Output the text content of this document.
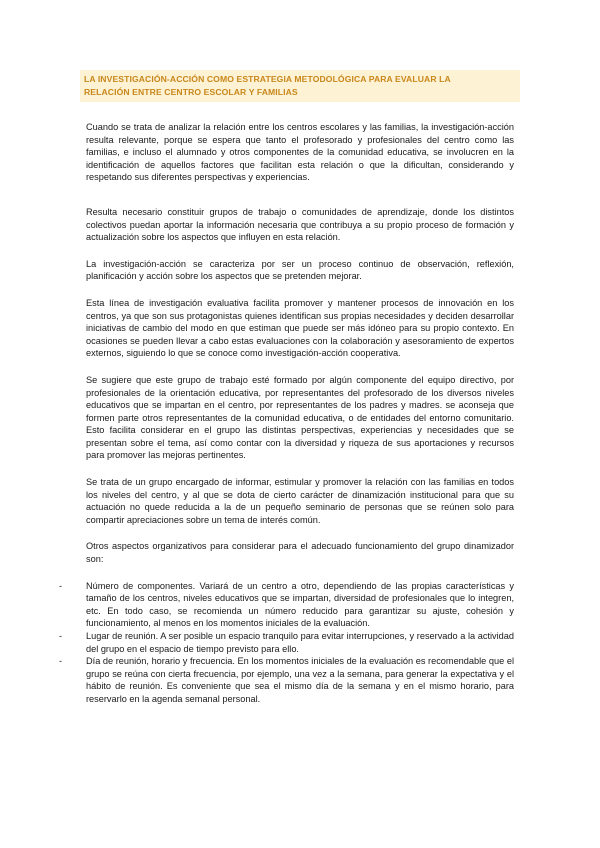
LA INVESTIGACIÓN-ACCIÓN COMO ESTRATEGIA METODOLÓGICA PARA EVALUAR LA
RELACIÓN ENTRE CENTRO ESCOLAR Y FAMILIAS

Cuando se trata de analizar la relación entre los centros escolares y las familias, la investigación-acción resulta relevante, porque se espera que tanto el profesorado y profesionales del centro como las familias, e incluso el alumnado y otros componentes de la comunidad educativa, se involucren en la identificación de aquellos factores que facilitan esta relación o que la dificultan, considerando y respetando sus diferentes perspectivas y experiencias.

Resulta necesario constituir grupos de trabajo o comunidades de aprendizaje, donde los distintos colectivos puedan aportar la información necesaria que contribuya a su propio proceso de formación y actualización sobre los aspectos que influyen en esta relación.

La investigación-acción se caracteriza por ser un proceso continuo de observación, reflexión, planificación y acción sobre los aspectos que se pretenden mejorar.

Esta línea de investigación evaluativa facilita promover y mantener procesos de innovación en los centros, ya que son sus protagonistas quienes identifican sus propias necesidades y deciden desarrollar iniciativas de cambio del modo en que estiman que puede ser más idóneo para su propio contexto. En ocasiones se pueden llevar a cabo estas evaluaciones con la colaboración y asesoramiento de expertos externos, siguiendo lo que se conoce como investigación-acción cooperativa.

Se sugiere que este grupo de trabajo esté formado por algún componente del equipo directivo, por profesionales de la orientación educativa, por representantes del profesorado de los diversos niveles educativos que se impartan en el centro, por representantes de los padres y madres. se aconseja que formen parte otros representantes de la comunidad educativa, o de entidades del entorno comunitario. Esto facilita considerar en el grupo las distintas perspectivas, experiencias y necesidades que se presentan sobre el tema, así como contar con la diversidad y riqueza de sus aportaciones y recursos para promover las mejoras pertinentes.

Se trata de un grupo encargado de informar, estimular y promover la relación con las familias en todos los niveles del centro, y al que se dota de cierto carácter de dinamización institucional para que su actuación no quede reducida a la de un pequeño seminario de personas que se reúnen solo para compartir apreciaciones sobre un tema de interés común.

Otros aspectos organizativos para considerar para el adecuado funcionamiento del grupo dinamizador son:

-	Número de componentes. Variará de un centro a otro, dependiendo de las propias características y tamaño de los centros, niveles educativos que se impartan, diversidad de profesionales que lo integren, etc. En todo caso, se recomienda un número reducido para garantizar su ajuste, cohesión y funcionamiento, al menos en los momentos iniciales de la evaluación.
-	Lugar de reunión. A ser posible un espacio tranquilo para evitar interrupciones, y reservado a la actividad del grupo en el espacio de tiempo previsto para ello.
-	Día de reunión, horario y frecuencia. En los momentos iniciales de la evaluación es recomendable que el grupo se reúna con cierta frecuencia, por ejemplo, una vez a la semana, para generar la expectativa y el hábito de reunión. Es conveniente que sea el mismo día de la semana y en el mismo horario, para reservarlo en la agenda semanal personal.
